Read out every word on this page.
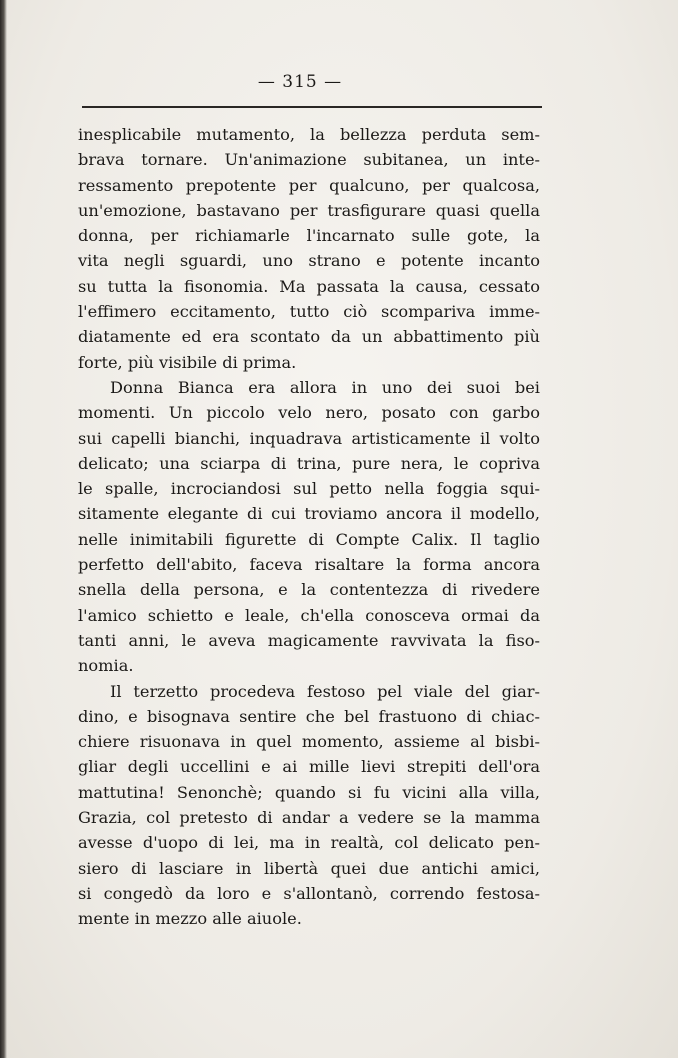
— 315 —
inesplicabile mutamento, la bellezza perduta sem-
brava tornare. Un'animazione subitanea, un inte-
ressamento prepotente per qualcuno, per qualcosa,
un'emozione, bastavano per trasfigurare quasi quella
donna, per richiamarle l'incarnato sulle gote, la
vita negli sguardi, uno strano e potente incanto
su tutta la fisonomia. Ma passata la causa, cessato
l'effimero eccitamento, tutto ciò scompariva imme-
diatamente ed era scontato da un abbattimento più
forte, più visibile di prima.
Donna Bianca era allora in uno dei suoi bei
momenti. Un piccolo velo nero, posato con garbo
sui capelli bianchi, inquadrava artisticamente il volto
delicato; una sciarpa di trina, pure nera, le copriva
le spalle, incrociandosi sul petto nella foggia squi-
sitamente elegante di cui troviamo ancora il modello,
nelle inimitabili figurette di Compte Calix. Il taglio
perfetto dell'abito, faceva risaltare la forma ancora
snella della persona, e la contentezza di rivedere
l'amico schietto e leale, ch'ella conosceva ormai da
tanti anni, le aveva magicamente ravvivata la fiso-
nomia.
Il terzetto procedeva festoso pel viale del giar-
dino, e bisognava sentire che bel frastuono di chiac-
chiere risuonava in quel momento, assieme al bisbi-
gliar degli uccellini e ai mille lievi strepiti dell'ora
mattutina! Senonchè; quando si fu vicini alla villa,
Grazia, col pretesto di andar a vedere se la mamma
avesse d'uopo di lei, ma in realtà, col delicato pen-
siero di lasciare in libertà quei due antichi amici,
si congedò da loro e s'allontanò, correndo festosa-
mente in mezzo alle aiuole.
